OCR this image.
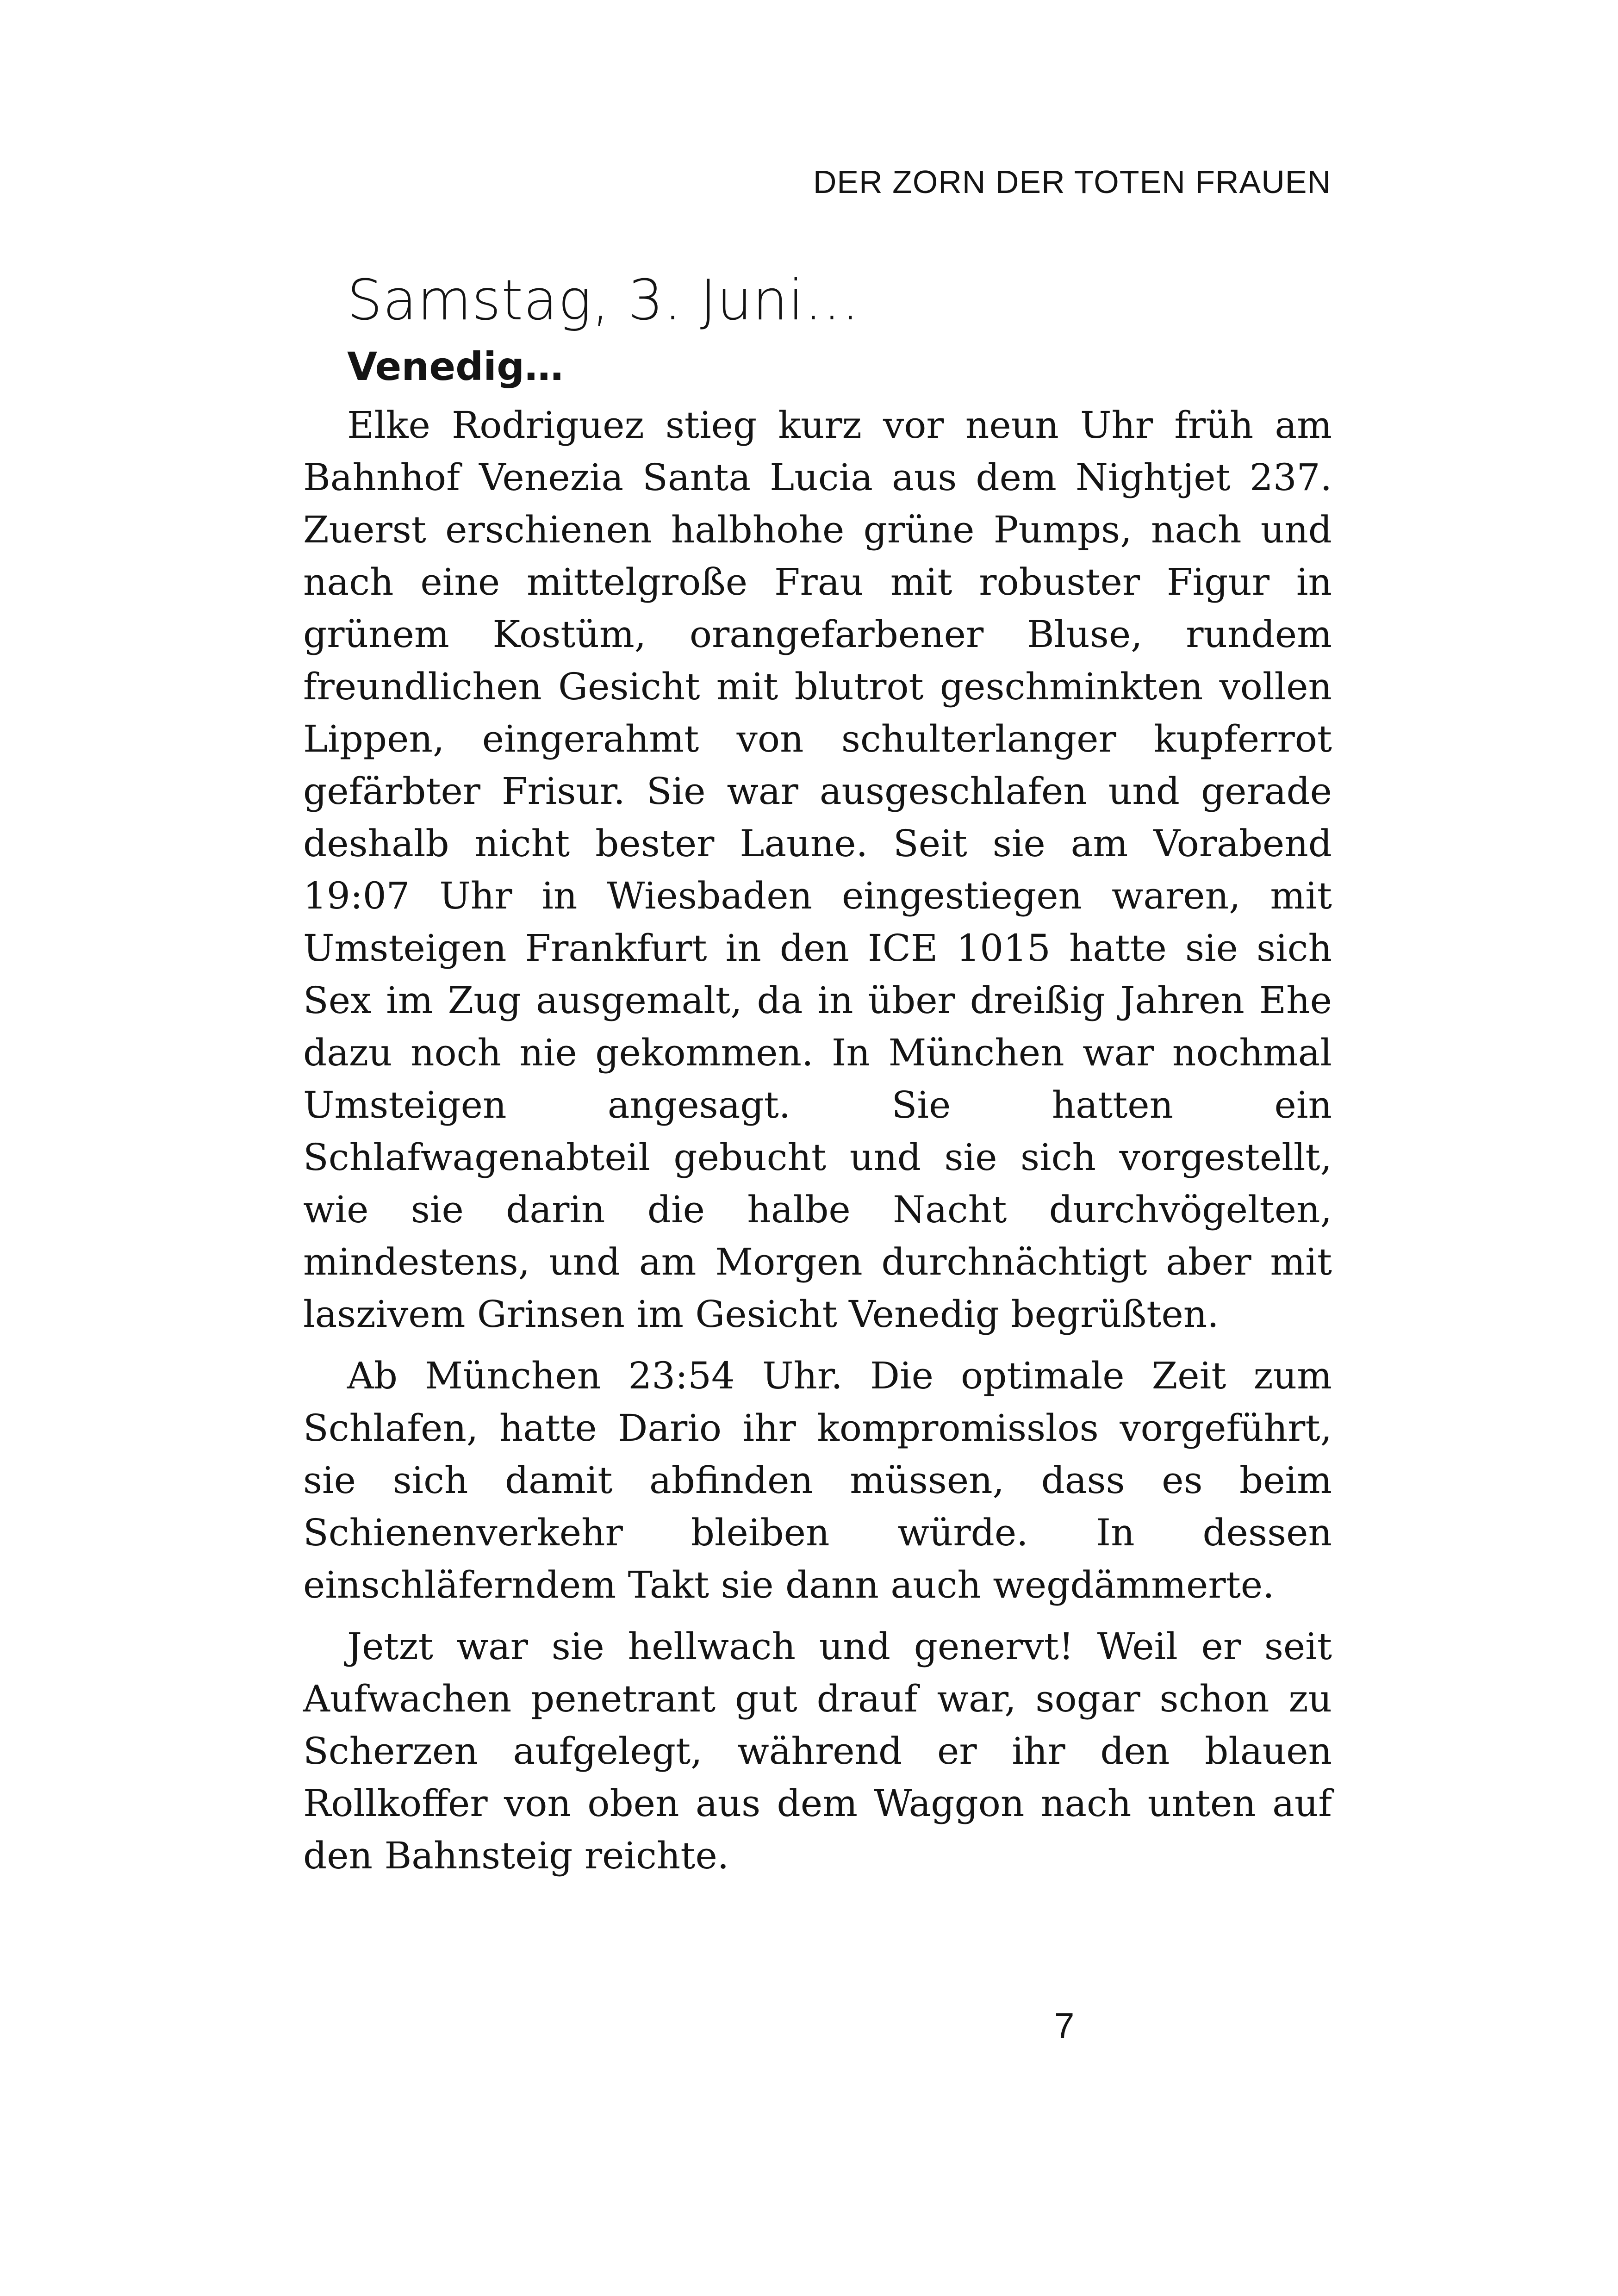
DER ZORN DER TOTEN FRAUEN
Samstag, 3. Juni…
Venedig…

Elke Rodriguez stieg kurz vor neun Uhr früh am Bahnhof Venezia Santa Lucia aus dem Nightjet 237. Zuerst erschienen halbhohe grüne Pumps, nach und nach eine mittelgroße Frau mit robuster Figur in grünem Kostüm, orangefarbener Bluse, rundem freundlichen Gesicht mit blutrot geschminkten vollen Lippen, eingerahmt von schulterlanger kupferrot gefärbter Frisur. Sie war ausgeschlafen und gerade deshalb nicht bester Laune. Seit sie am Vorabend 19:07 Uhr in Wiesbaden eingestiegen waren, mit Umsteigen Frankfurt in den ICE 1015 hatte sie sich Sex im Zug ausgemalt, da in über dreißig Jahren Ehe dazu noch nie gekommen. In München war nochmal Umsteigen angesagt. Sie hatten ein Schlafwagenabteil gebucht und sie sich vorgestellt, wie sie darin die halbe Nacht durchvögelten, mindestens, und am Morgen durchnächtigt aber mit laszivem Grinsen im Gesicht Venedig begrüßten.

Ab München 23:54 Uhr. Die optimale Zeit zum Schlafen, hatte Dario ihr kompromisslos vorgeführt, sie sich damit abfinden müssen, dass es beim Schienenverkehr bleiben würde. In dessen einschläferndem Takt sie dann auch wegdämmerte.

Jetzt war sie hellwach und genervt! Weil er seit Aufwachen penetrant gut drauf war, sogar schon zu Scherzen aufgelegt, während er ihr den blauen Rollkoffer von oben aus dem Waggon nach unten auf den Bahnsteig reichte.

7
